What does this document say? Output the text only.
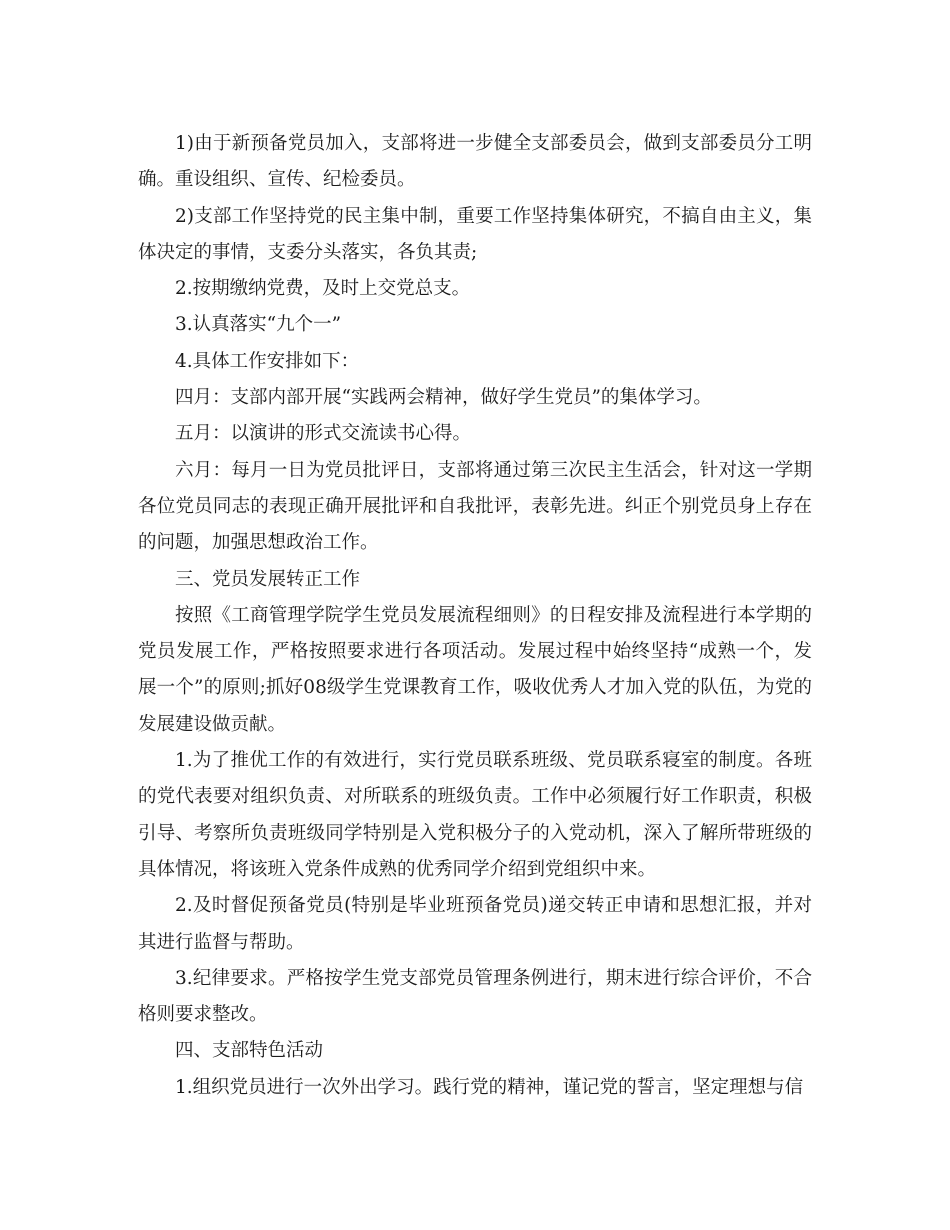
1)由于新预备党员加入，支部将进一步健全支部委员会，做到支部委员分工明确。重设组织、宣传、纪检委员。

2)支部工作坚持党的民主集中制，重要工作坚持集体研究，不搞自由主义，集体决定的事情，支委分头落实，各负其责;

2.按期缴纳党费，及时上交党总支。

3.认真落实“九个一”

4.具体工作安排如下：

四月：支部内部开展“实践两会精神，做好学生党员”的集体学习。

五月：以演讲的形式交流读书心得。

六月：每月一日为党员批评日，支部将通过第三次民主生活会，针对这一学期各位党员同志的表现正确开展批评和自我批评，表彰先进。纠正个别党员身上存在的问题，加强思想政治工作。

三、党员发展转正工作

按照《工商管理学院学生党员发展流程细则》的日程安排及流程进行本学期的党员发展工作，严格按照要求进行各项活动。发展过程中始终坚持“成熟一个，发展一个”的原则;抓好08级学生党课教育工作，吸收优秀人才加入党的队伍，为党的发展建设做贡献。

1.为了推优工作的有效进行，实行党员联系班级、党员联系寝室的制度。各班的党代表要对组织负责、对所联系的班级负责。工作中必须履行好工作职责，积极引导、考察所负责班级同学特别是入党积极分子的入党动机，深入了解所带班级的具体情况，将该班入党条件成熟的优秀同学介绍到党组织中来。

2.及时督促预备党员(特别是毕业班预备党员)递交转正申请和思想汇报，并对其进行监督与帮助。

3.纪律要求。严格按学生党支部党员管理条例进行，期末进行综合评价，不合格则要求整改。

四、支部特色活动

1.组织党员进行一次外出学习。践行党的精神，谨记党的誓言，坚定理想与信
